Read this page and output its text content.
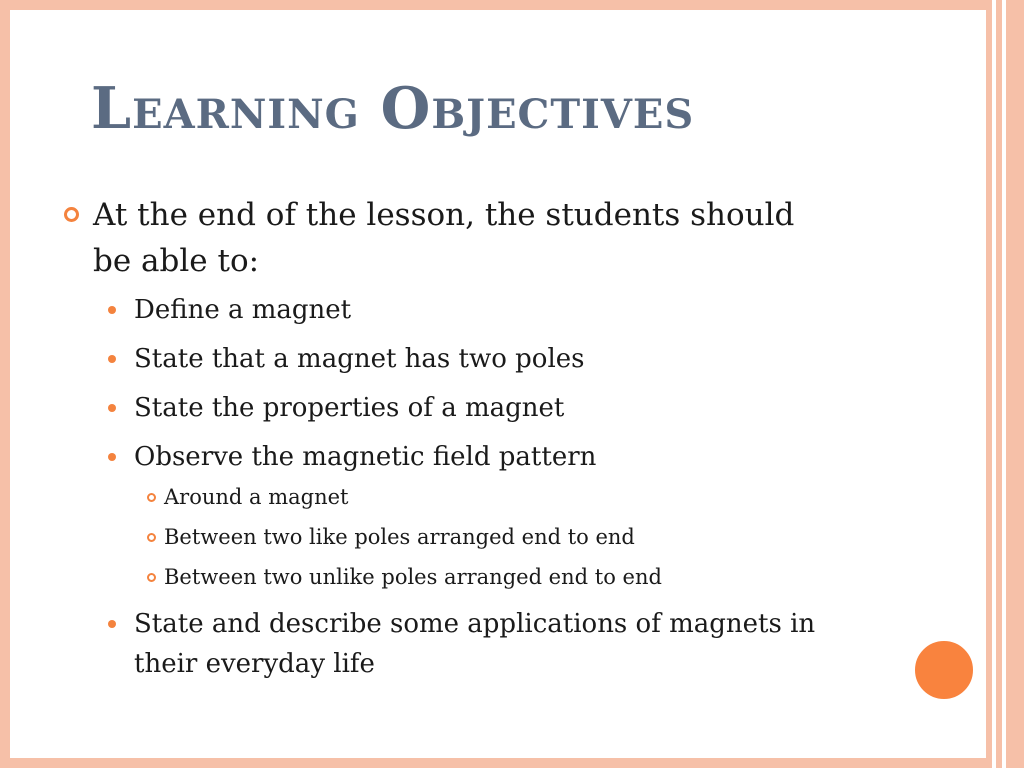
Learning Objectives
At the end of the lesson, the students should be able to:
Define a magnet
State that a magnet has two poles
State the properties of a magnet
Observe the magnetic field pattern
Around a magnet
Between two like poles arranged end to end
Between two unlike poles arranged end to end
State and describe some applications of magnets in their everyday life
